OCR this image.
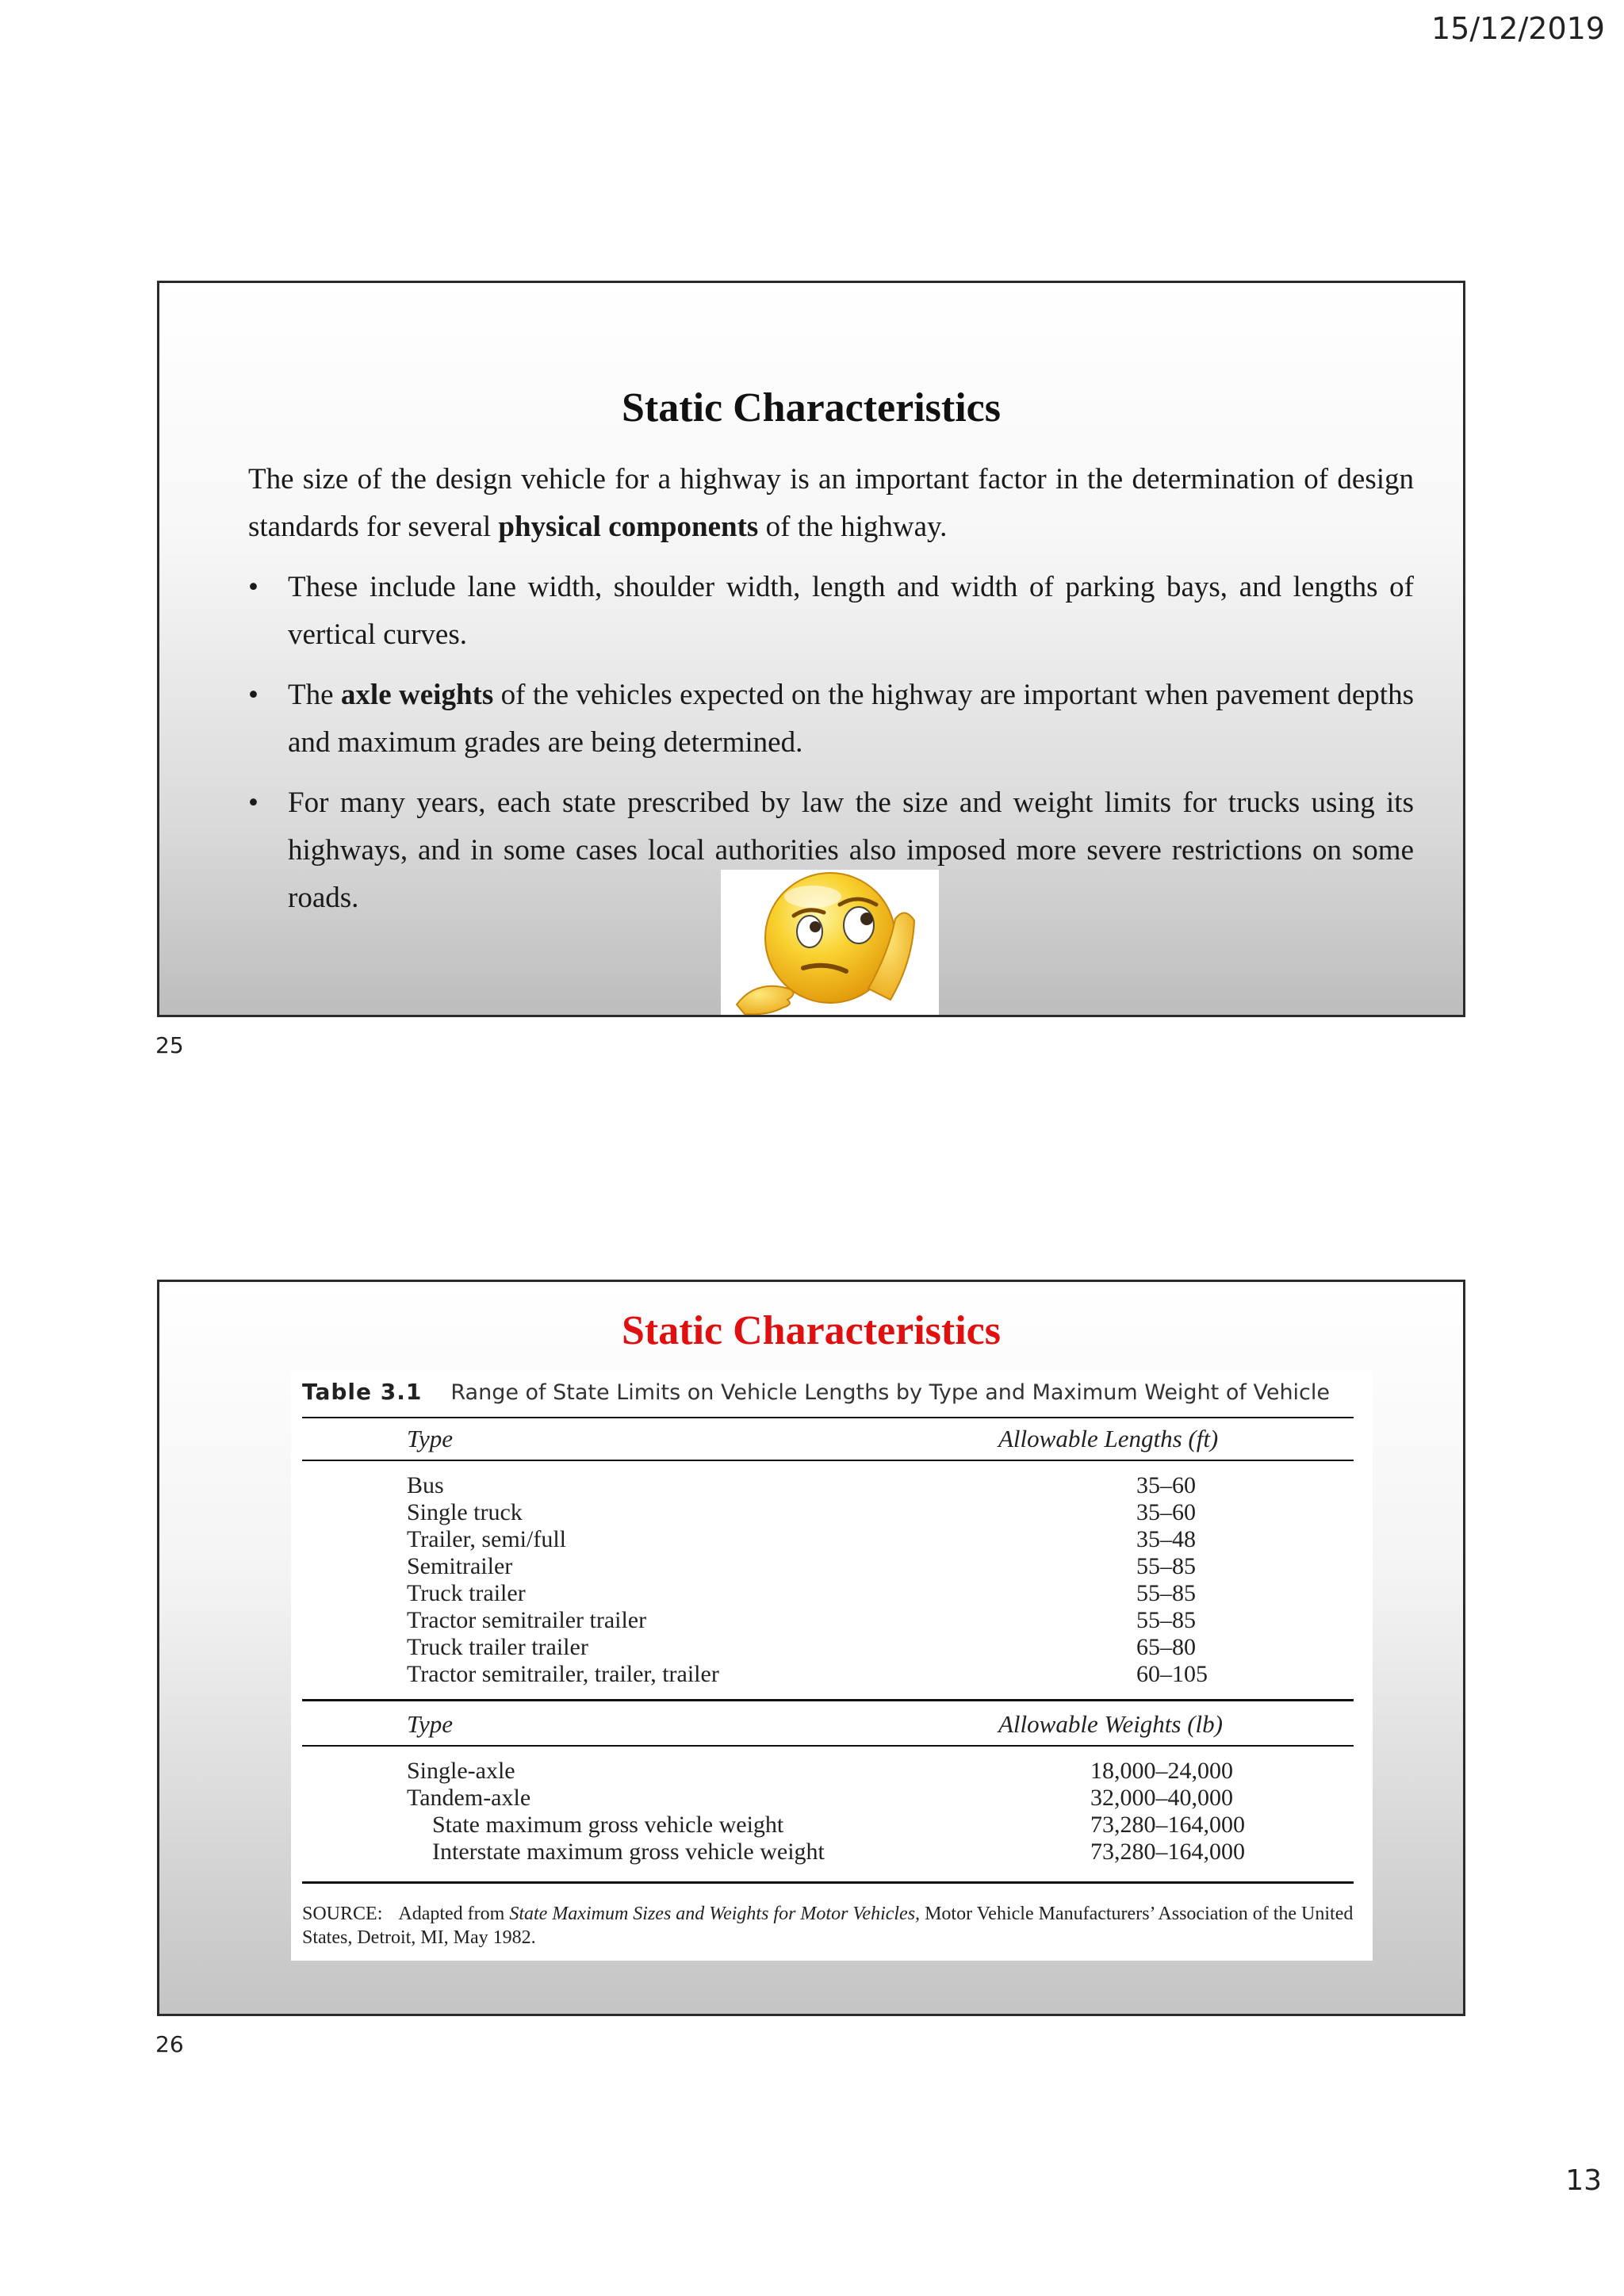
15/12/2019
Static Characteristics

The size of the design vehicle for a highway is an important factor in the determination of design standards for several physical components of the highway.

• These include lane width, shoulder width, length and width of parking bays, and lengths of vertical curves.
• The axle weights of the vehicles expected on the highway are important when pavement depths and maximum grades are being determined.
• For many years, each state prescribed by law the size and weight limits for trucks using its highways, and in some cases local authorities also imposed more severe restrictions on some roads.
25
Static Characteristics
Table 3.1 Range of State Limits on Vehicle Lengths by Type and Maximum Weight of Vehicle
Type	Allowable Lengths (ft)
Bus	35–60
Single truck	35–60
Trailer, semi/full	35–48
Semitrailer	55–85
Truck trailer	55–85
Tractor semitrailer trailer	55–85
Truck trailer trailer	65–80
Tractor semitrailer, trailer, trailer	60–105
Type	Allowable Weights (lb)
Single-axle	18,000–24,000
Tandem-axle	32,000–40,000
State maximum gross vehicle weight	73,280–164,000
Interstate maximum gross vehicle weight	73,280–164,000
SOURCE: Adapted from State Maximum Sizes and Weights for Motor Vehicles, Motor Vehicle Manufacturers’ Association of the United States, Detroit, MI, May 1982.
26
13
